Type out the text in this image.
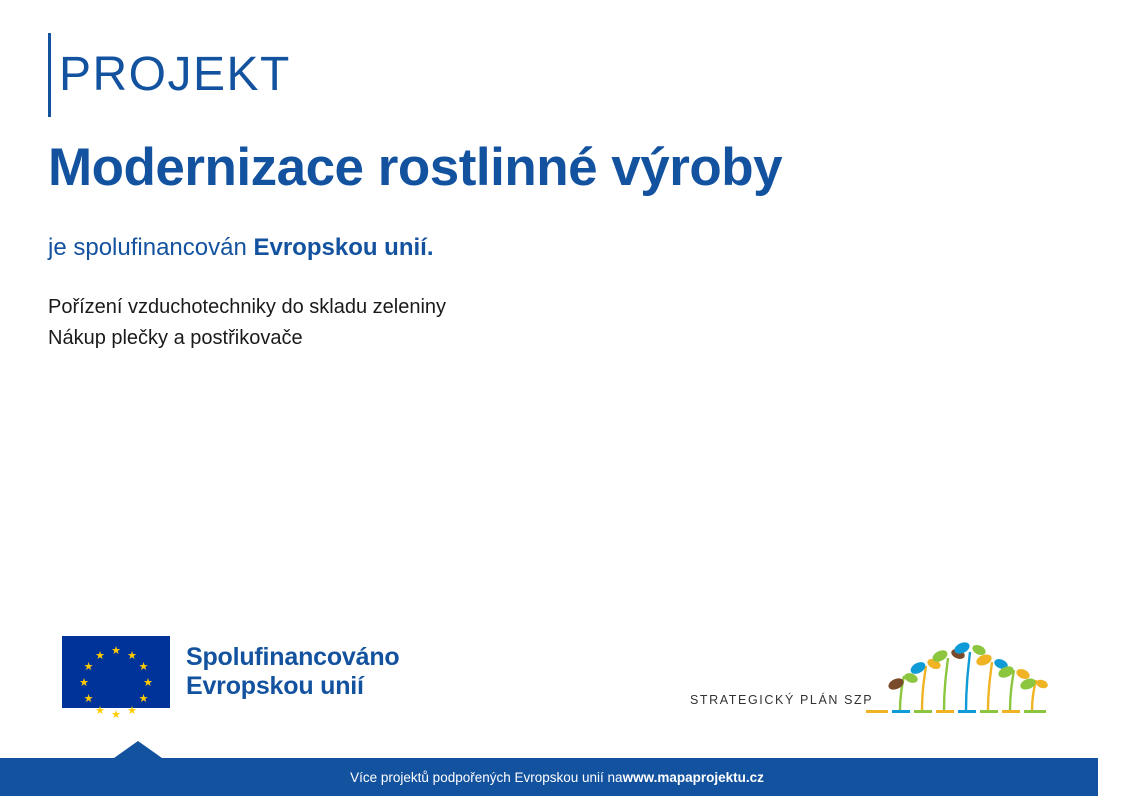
PROJEKT
Modernizace rostlinné výroby
je spolufinancován Evropskou unií.
Pořízení vzduchotechniky do skladu zeleniny
Nákup plečky a postřikovače
★ ★
★
★
★
★
★
★
★
★
★
★	Spolufinancováno
Evropskou unií	STRATEGICKÝ PLÁN SZP
Více projektů podpořených Evropskou unií na www.mapaprojektu.cz
